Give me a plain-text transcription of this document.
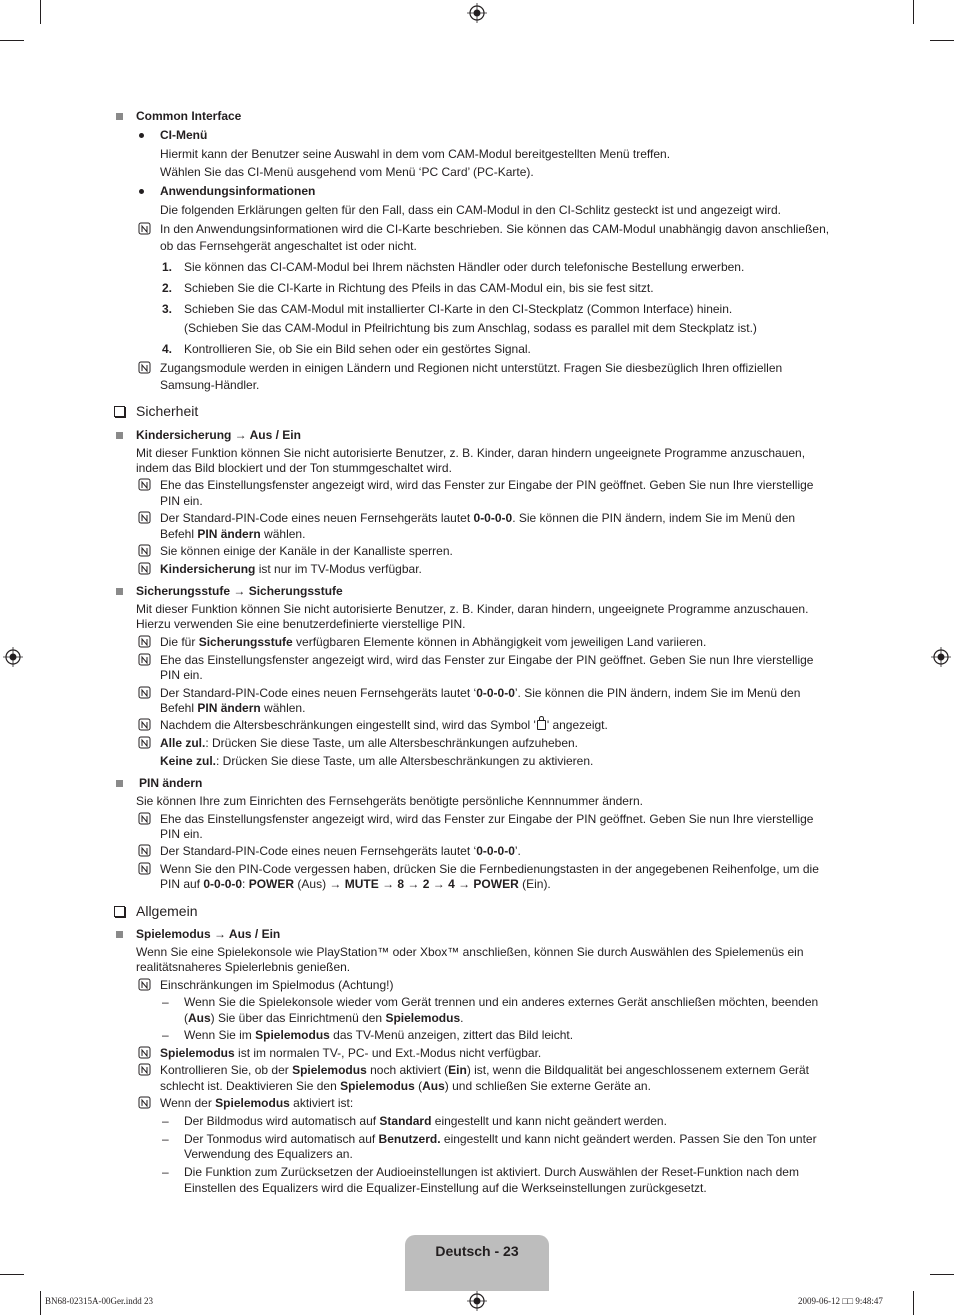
Common Interface
CI-Menü
Hiermit kann der Benutzer seine Auswahl in dem vom CAM-Modul bereitgestellten Menü treffen.
Wählen Sie das CI-Menü ausgehend vom Menü ‘PC Card’ (PC-Karte).
Anwendungsinformationen
Die folgenden Erklärungen gelten für den Fall, dass ein CAM-Modul in den CI-Schlitz gesteckt ist und angezeigt wird.
In den Anwendungsinformationen wird die CI-Karte beschrieben. Sie können das CAM-Modul unabhängig davon anschließen,
ob das Fernsehgerät angeschaltet ist oder nicht.
1. Sie können das CI-CAM-Modul bei Ihrem nächsten Händler oder durch telefonische Bestellung erwerben.
2. Schieben Sie die CI-Karte in Richtung des Pfeils in das CAM-Modul ein, bis sie fest sitzt.
3. Schieben Sie das CAM-Modul mit installierter CI-Karte in den CI-Steckplatz (Common Interface) hinein.
(Schieben Sie das CAM-Modul in Pfeilrichtung bis zum Anschlag, sodass es parallel mit dem Steckplatz ist.)
4. Kontrollieren Sie, ob Sie ein Bild sehen oder ein gestörtes Signal.
Zugangsmodule werden in einigen Ländern und Regionen nicht unterstützt. Fragen Sie diesbezüglich Ihren offiziellen
Samsung-Händler.
Sicherheit
Kindersicherung → Aus / Ein
Mit dieser Funktion können Sie nicht autorisierte Benutzer, z. B. Kinder, daran hindern ungeeignete Programme anzuschauen,
indem das Bild blockiert und der Ton stummgeschaltet wird.
Ehe das Einstellungsfenster angezeigt wird, wird das Fenster zur Eingabe der PIN geöffnet. Geben Sie nun Ihre vierstellige
PIN ein.
Der Standard-PIN-Code eines neuen Fernsehgeräts lautet 0-0-0-0. Sie können die PIN ändern, indem Sie im Menü den
Befehl PIN ändern wählen.
Sie können einige der Kanäle in der Kanalliste sperren.
Kindersicherung ist nur im TV-Modus verfügbar.
Sicherungsstufe → Sicherungsstufe
Mit dieser Funktion können Sie nicht autorisierte Benutzer, z. B. Kinder, daran hindern, ungeeignete Programme anzuschauen.
Hierzu verwenden Sie eine benutzerdefinierte vierstellige PIN.
Die für Sicherungsstufe verfügbaren Elemente können in Abhängigkeit vom jeweiligen Land variieren.
Ehe das Einstellungsfenster angezeigt wird, wird das Fenster zur Eingabe der PIN geöffnet. Geben Sie nun Ihre vierstellige
PIN ein.
Der Standard-PIN-Code eines neuen Fernsehgeräts lautet ‘0-0-0-0’. Sie können die PIN ändern, indem Sie im Menü den
Befehl PIN ändern wählen.
Nachdem die Altersbeschränkungen eingestellt sind, wird das Symbol ' ' angezeigt.
Alle zul.: Drücken Sie diese Taste, um alle Altersbeschränkungen aufzuheben.
Keine zul.: Drücken Sie diese Taste, um alle Altersbeschränkungen zu aktivieren.
PIN ändern
Sie können Ihre zum Einrichten des Fernsehgeräts benötigte persönliche Kennnummer ändern.
Ehe das Einstellungsfenster angezeigt wird, wird das Fenster zur Eingabe der PIN geöffnet. Geben Sie nun Ihre vierstellige
PIN ein.
Der Standard-PIN-Code eines neuen Fernsehgeräts lautet ‘0-0-0-0’.
Wenn Sie den PIN-Code vergessen haben, drücken Sie die Fernbedienungstasten in der angegebenen Reihenfolge, um die
PIN auf 0-0-0-0: POWER (Aus) → MUTE → 8 → 2 → 4 → POWER (Ein).
Allgemein
Spielemodus → Aus / Ein
Wenn Sie eine Spielekonsole wie PlayStation™ oder Xbox™ anschließen, können Sie durch Auswählen des Spielemenüs ein
realitätsnaheres Spielerlebnis genießen.
Einschränkungen im Spielmodus (Achtung!)
– Wenn Sie die Spielekonsole wieder vom Gerät trennen und ein anderes externes Gerät anschließen möchten, beenden
(Aus) Sie über das Einrichtmenü den Spielemodus.
– Wenn Sie im Spielemodus das TV-Menü anzeigen, zittert das Bild leicht.
Spielemodus ist im normalen TV-, PC- und Ext.-Modus nicht verfügbar.
Kontrollieren Sie, ob der Spielemodus noch aktiviert (Ein) ist, wenn die Bildqualität bei angeschlossenem externem Gerät
schlecht ist. Deaktivieren Sie den Spielemodus (Aus) und schließen Sie externe Geräte an.
Wenn der Spielemodus aktiviert ist:
– Der Bildmodus wird automatisch auf Standard eingestellt und kann nicht geändert werden.
– Der Tonmodus wird automatisch auf Benutzerd. eingestellt und kann nicht geändert werden. Passen Sie den Ton unter
Verwendung des Equalizers an.
– Die Funktion zum Zurücksetzen der Audioeinstellungen ist aktiviert. Durch Auswählen der Reset-Funktion nach dem
Einstellen des Equalizers wird die Equalizer-Einstellung auf die Werkseinstellungen zurückgesetzt.
Deutsch - 23
BN68-02315A-00Ger.indd 23	2009-06-12 □□ 9:48:47
